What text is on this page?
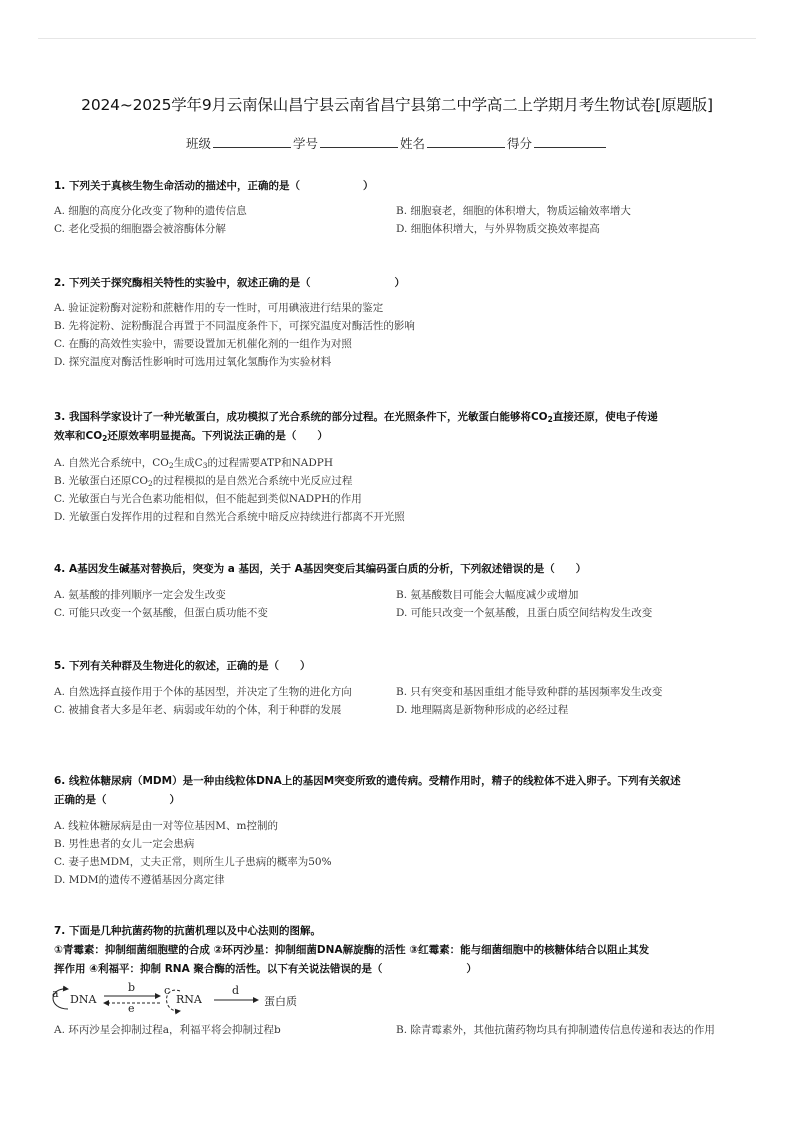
2024~2025学年9月云南保山昌宁县云南省昌宁县第二中学高二上学期月考生物试卷[原题版]
班级	学号	姓名	得分
1. 下列关于真核生物生命活动的描述中，正确的是（　　　　　　）
A. 细胞的高度分化改变了物种的遗传信息	B. 细胞衰老，细胞的体积增大，物质运输效率增大
C. 老化受损的细胞器会被溶酶体分解	D. 细胞体积增大，与外界物质交换效率提高
2. 下列关于探究酶相关特性的实验中，叙述正确的是（　　　　　　　　）
A. 验证淀粉酶对淀粉和蔗糖作用的专一性时，可用碘液进行结果的鉴定
B. 先将淀粉、淀粉酶混合再置于不同温度条件下，可探究温度对酶活性的影响
C. 在酶的高效性实验中，需要设置加无机催化剂的一组作为对照
D. 探究温度对酶活性影响时可选用过氧化氢酶作为实验材料
3. 我国科学家设计了一种光敏蛋白，成功模拟了光合系统的部分过程。在光照条件下，光敏蛋白能够将$CO_2$直接还原，使电子传递
效率和$CO_2$还原效率明显提高。下列说法正确的是（　　）
A. 自然光合系统中，$CO_2$生成$C_3$的过程需要ATP和NADPH
B. 光敏蛋白还原$CO_2$的过程模拟的是自然光合系统中光反应过程
C. 光敏蛋白与光合色素功能相似，但不能起到类似NADPH的作用
D. 光敏蛋白发挥作用的过程和自然光合系统中暗反应持续进行都离不开光照
4. A基因发生碱基对替换后，突变为 a 基因，关于 A基因突变后其编码蛋白质的分析，下列叙述错误的是（　　）
A. 氨基酸的排列顺序一定会发生改变	B. 氨基酸数目可能会大幅度减少或增加
C. 可能只改变一个氨基酸，但蛋白质功能不变	D. 可能只改变一个氨基酸，且蛋白质空间结构发生改变
5. 下列有关种群及生物进化的叙述，正确的是（　　）
A. 自然选择直接作用于个体的基因型，并决定了生物的进化方向	B. 只有突变和基因重组才能导致种群的基因频率发生改变
C. 被捕食者大多是年老、病弱或年幼的个体，利于种群的发展	D. 地理隔离是新物种形成的必经过程
6. 线粒体糖尿病（MDM）是一种由线粒体DNA上的基因M突变所致的遗传病。受精作用时，精子的线粒体不进入卵子。下列有关叙述
正确的是（　　　　　　）
A. 线粒体糖尿病是由一对等位基因M、m控制的
B. 男性患者的女儿一定会患病
C. 妻子患MDM，丈夫正常，则所生儿子患病的概率为50%
D. MDM的遗传不遵循基因分离定律
7. 下面是几种抗菌药物的抗菌机理以及中心法则的图解。
①青霉素：抑制细菌细胞壁的合成 ②环丙沙星：抑制细菌DNA解旋酶的活性 ③红霉素：能与细菌细胞中的核糖体结合以阻止其发
挥作用 ④利福平：抑制 RNA 聚合酶的活性。以下有关说法错误的是（　　　　　　　　）
a DNA
b
e
c
RNA
d
蛋白质
A. 环丙沙星会抑制过程a，利福平将会抑制过程b	B. 除青霉素外，其他抗菌药物均具有抑制遗传信息传递和表达的作用
